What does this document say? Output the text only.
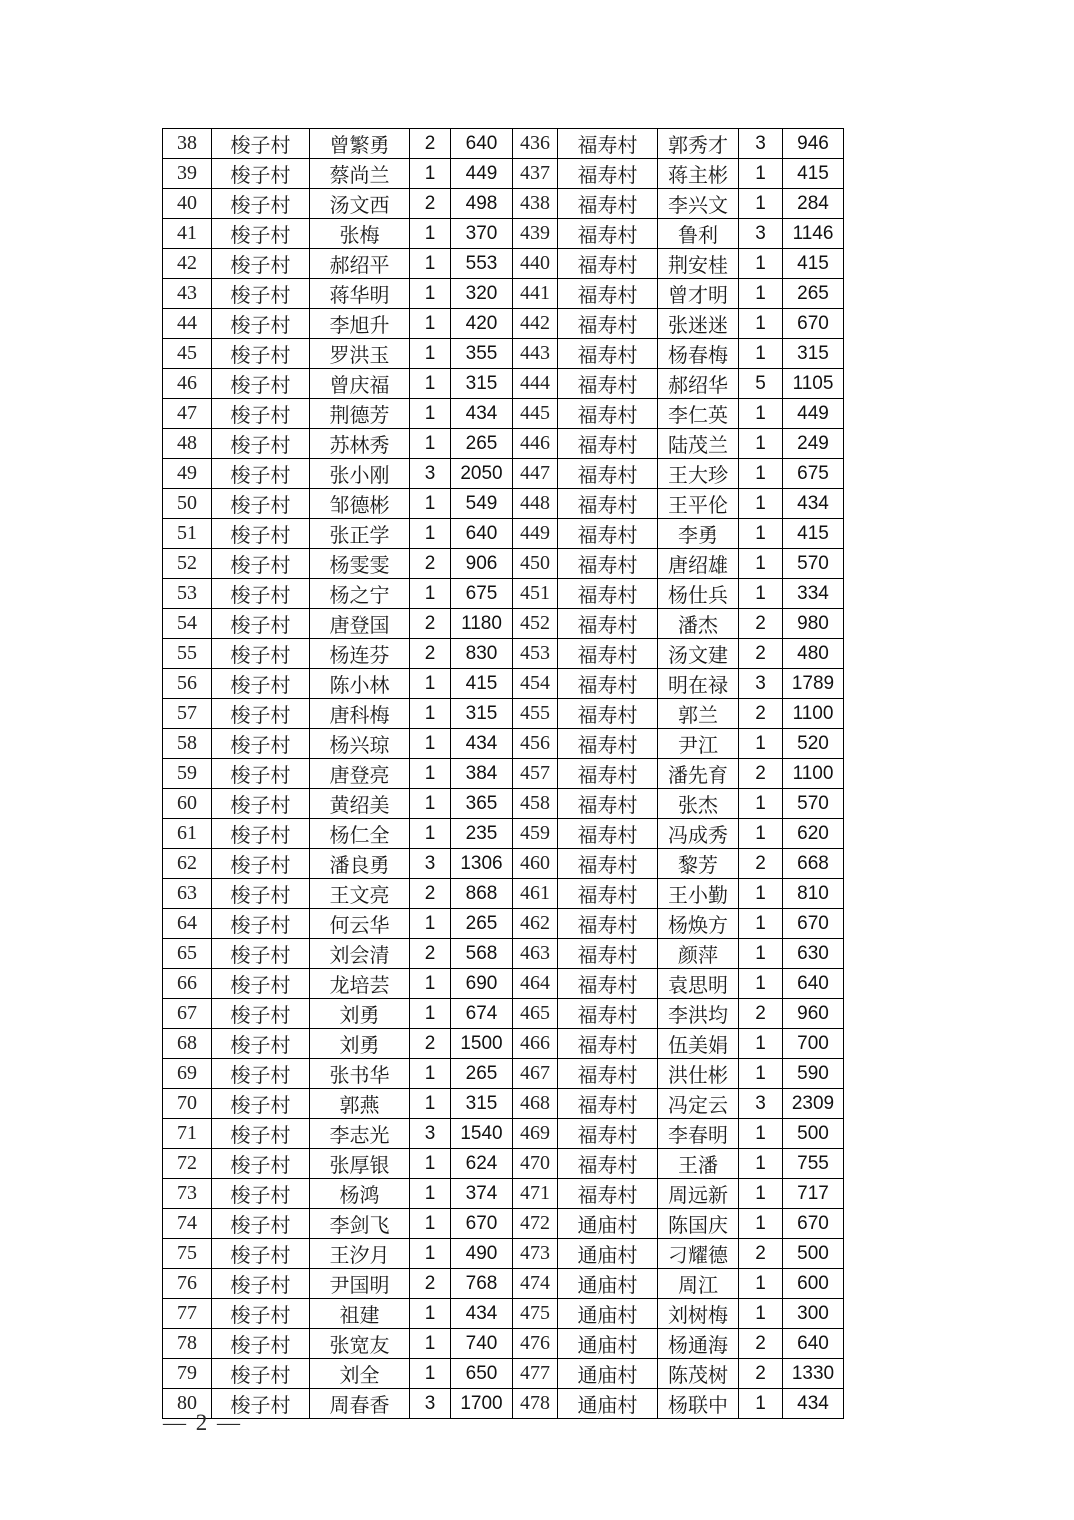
38	梭子村	曾繁勇	2	640	436	福寿村	郭秀才	3	946
39	梭子村	蔡尚兰	1	449	437	福寿村	蒋主彬	1	415
40	梭子村	汤文西	2	498	438	福寿村	李兴文	1	284
41	梭子村	张梅	1	370	439	福寿村	鲁利	3	1146
42	梭子村	郝绍平	1	553	440	福寿村	荆安桂	1	415
43	梭子村	蒋华明	1	320	441	福寿村	曾才明	1	265
44	梭子村	李旭升	1	420	442	福寿村	张迷迷	1	670
45	梭子村	罗洪玉	1	355	443	福寿村	杨春梅	1	315
46	梭子村	曾庆福	1	315	444	福寿村	郝绍华	5	1105
47	梭子村	荆德芳	1	434	445	福寿村	李仁英	1	449
48	梭子村	苏林秀	1	265	446	福寿村	陆茂兰	1	249
49	梭子村	张小刚	3	2050	447	福寿村	王大珍	1	675
50	梭子村	邹德彬	1	549	448	福寿村	王平伦	1	434
51	梭子村	张正学	1	640	449	福寿村	李勇	1	415
52	梭子村	杨雯雯	2	906	450	福寿村	唐绍雄	1	570
53	梭子村	杨之宁	1	675	451	福寿村	杨仕兵	1	334
54	梭子村	唐登国	2	1180	452	福寿村	潘杰	2	980
55	梭子村	杨连芬	2	830	453	福寿村	汤文建	2	480
56	梭子村	陈小林	1	415	454	福寿村	明在禄	3	1789
57	梭子村	唐科梅	1	315	455	福寿村	郭兰	2	1100
58	梭子村	杨兴琼	1	434	456	福寿村	尹江	1	520
59	梭子村	唐登亮	1	384	457	福寿村	潘先育	2	1100
60	梭子村	黄绍美	1	365	458	福寿村	张杰	1	570
61	梭子村	杨仁全	1	235	459	福寿村	冯成秀	1	620
62	梭子村	潘良勇	3	1306	460	福寿村	黎芳	2	668
63	梭子村	王文亮	2	868	461	福寿村	王小勤	1	810
64	梭子村	何云华	1	265	462	福寿村	杨焕方	1	670
65	梭子村	刘会清	2	568	463	福寿村	颜萍	1	630
66	梭子村	龙培芸	1	690	464	福寿村	袁思明	1	640
67	梭子村	刘勇	1	674	465	福寿村	李洪均	2	960
68	梭子村	刘勇	2	1500	466	福寿村	伍美娟	1	700
69	梭子村	张书华	1	265	467	福寿村	洪仕彬	1	590
70	梭子村	郭燕	1	315	468	福寿村	冯定云	3	2309
71	梭子村	李志光	3	1540	469	福寿村	李春明	1	500
72	梭子村	张厚银	1	624	470	福寿村	王潘	1	755
73	梭子村	杨鸿	1	374	471	福寿村	周远新	1	717
74	梭子村	李剑飞	1	670	472	通庙村	陈国庆	1	670
75	梭子村	王汐月	1	490	473	通庙村	刁耀德	2	500
76	梭子村	尹国明	2	768	474	通庙村	周江	1	600
77	梭子村	祖建	1	434	475	通庙村	刘树梅	1	300
78	梭子村	张宽友	1	740	476	通庙村	杨通海	2	640
79	梭子村	刘全	1	650	477	通庙村	陈茂树	2	1330
80	梭子村	周春香	3	1700	478	通庙村	杨联中	1	434
— 2 —
